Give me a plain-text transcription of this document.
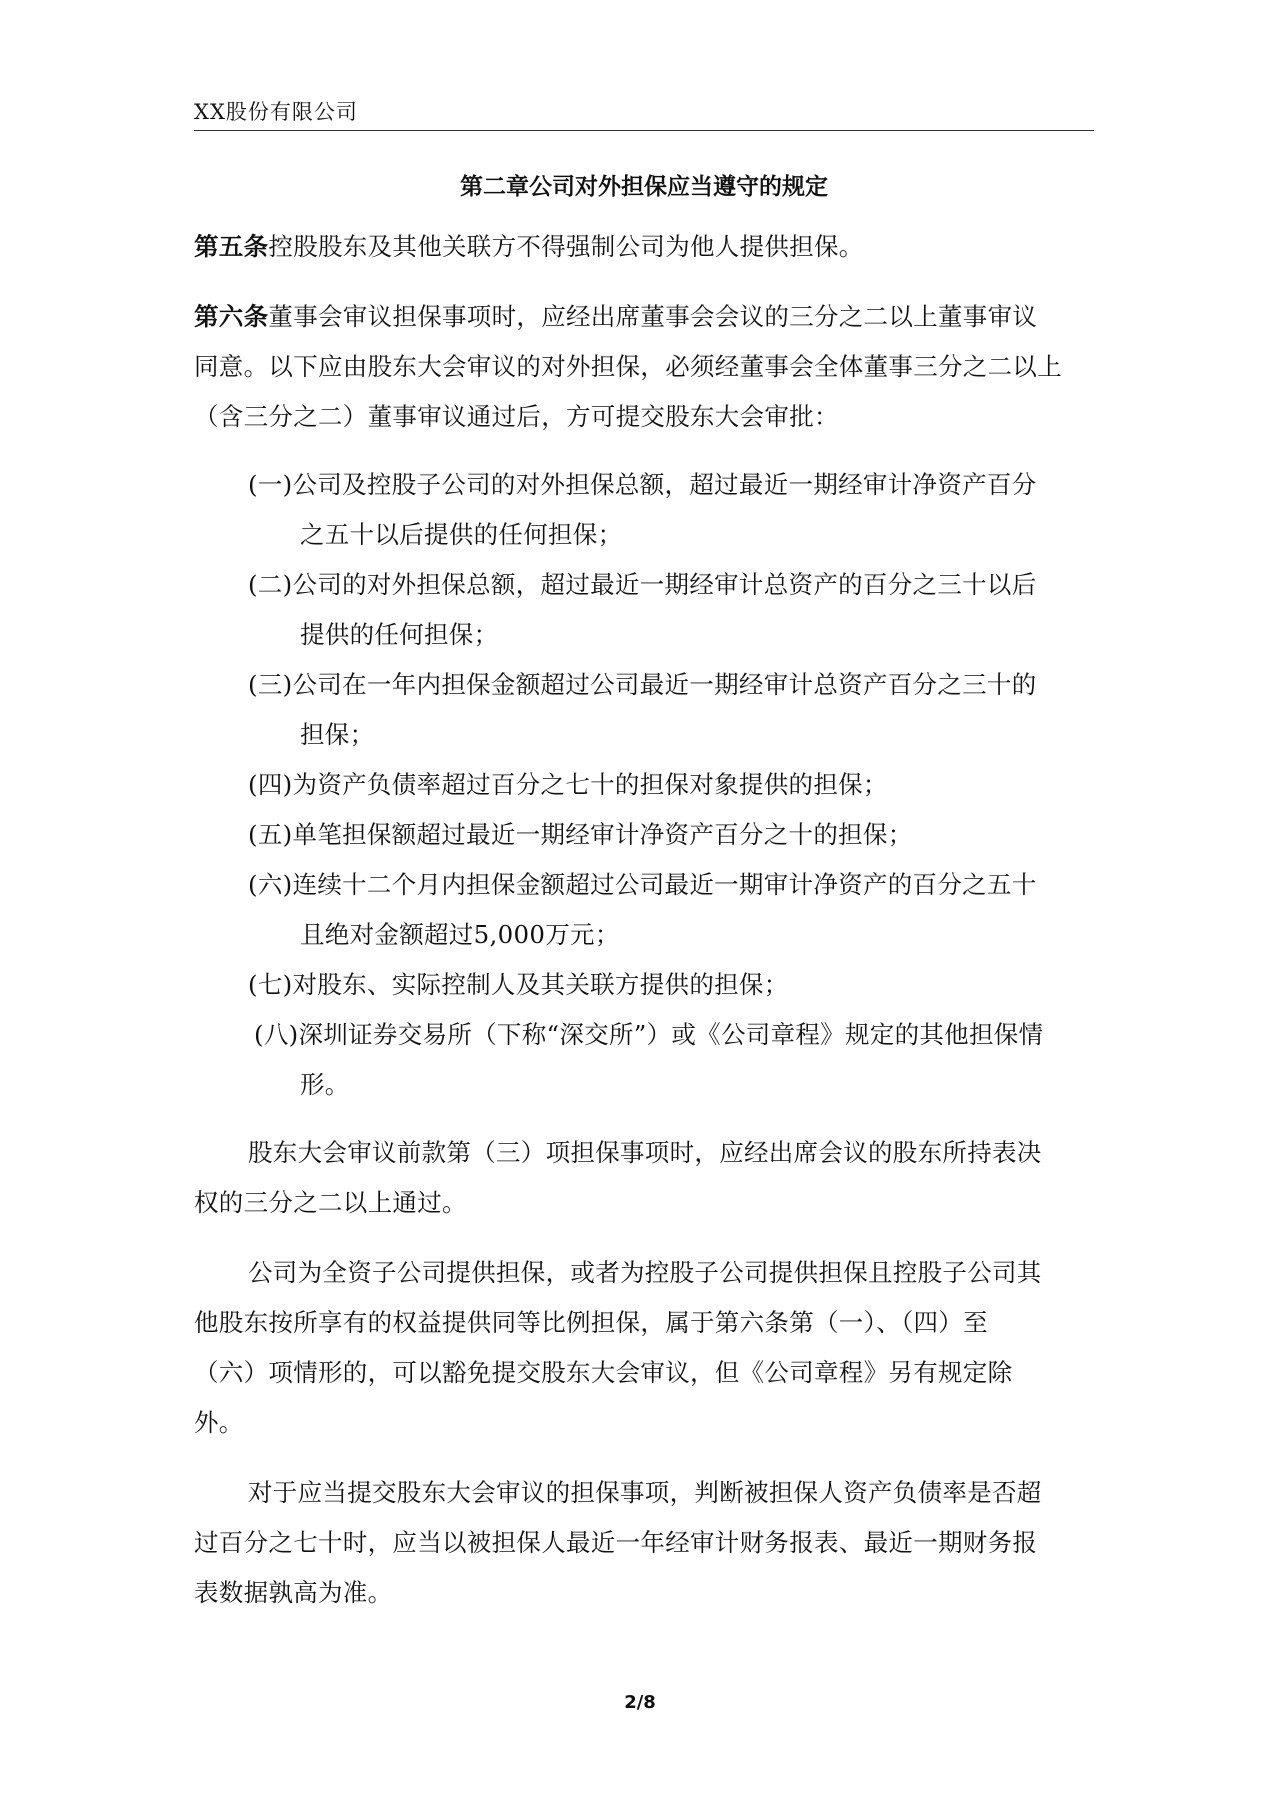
XX股份有限公司
第二章公司对外担保应当遵守的规定
第五条控股股东及其他关联方不得强制公司为他人提供担保。
第六条董事会审议担保事项时，应经出席董事会会议的三分之二以上董事审议
同意。以下应由股东大会审议的对外担保，必须经董事会全体董事三分之二以上
（含三分之二）董事审议通过后，方可提交股东大会审批：
(一)公司及控股子公司的对外担保总额，超过最近一期经审计净资产百分
之五十以后提供的任何担保；
(二)公司的对外担保总额，超过最近一期经审计总资产的百分之三十以后
提供的任何担保；
(三)公司在一年内担保金额超过公司最近一期经审计总资产百分之三十的
担保；
(四)为资产负债率超过百分之七十的担保对象提供的担保；
(五)单笔担保额超过最近一期经审计净资产百分之十的担保；
(六)连续十二个月内担保金额超过公司最近一期审计净资产的百分之五十
且绝对金额超过5,000万元；
(七)对股东、实际控制人及其关联方提供的担保；
(八)深圳证券交易所（下称“深交所”）或《公司章程》规定的其他担保情
形。
股东大会审议前款第（三）项担保事项时，应经出席会议的股东所持表决
权的三分之二以上通过。
公司为全资子公司提供担保，或者为控股子公司提供担保且控股子公司其
他股东按所享有的权益提供同等比例担保，属于第六条第（一）、（四）至
（六）项情形的，可以豁免提交股东大会审议，但《公司章程》另有规定除
外。
对于应当提交股东大会审议的担保事项，判断被担保人资产负债率是否超
过百分之七十时，应当以被担保人最近一年经审计财务报表、最近一期财务报
表数据孰高为准。
2/8
